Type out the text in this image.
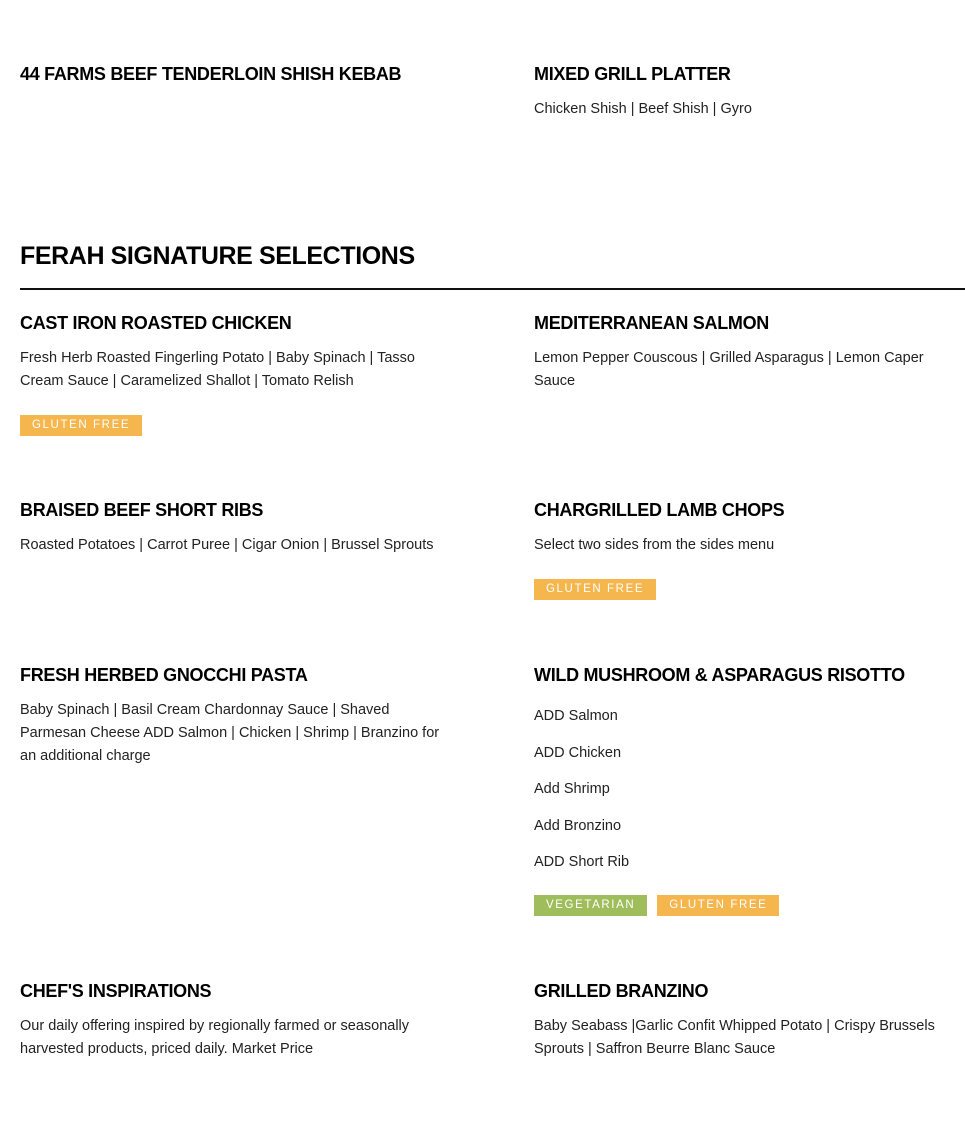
44 FARMS BEEF TENDERLOIN SHISH KEBAB	MIXED GRILL PLATTER

Chicken Shish | Beef Shish | Gyro

FERAH SIGNATURE SELECTIONS
CAST IRON ROASTED CHICKEN

Fresh Herb Roasted Fingerling Potato | Baby Spinach | Tasso Cream Sauce | Caramelized Shallot | Tomato Relish

GLUTEN FREE
MEDITERRANEAN SALMON

Lemon Pepper Couscous | Grilled Asparagus | Lemon Caper Sauce

BRAISED BEEF SHORT RIBS

Roasted Potatoes | Carrot Puree | Cigar Onion | Brussel Sprouts

CHARGRILLED LAMB CHOPS

Select two sides from the sides menu

GLUTEN FREE
FRESH HERBED GNOCCHI PASTA

Baby Spinach | Basil Cream Chardonnay Sauce | Shaved Parmesan Cheese ADD Salmon | Chicken | Shrimp | Branzino for an additional charge

WILD MUSHROOM & ASPARAGUS RISOTTO

ADD Salmon

ADD Chicken

Add Shrimp

Add Bronzino

ADD Short Rib

VEGETARIAN	GLUTEN FREE
CHEF'S INSPIRATIONS

Our daily offering inspired by regionally farmed or seasonally harvested products, priced daily. Market Price

GRILLED BRANZINO

Baby Seabass |Garlic Confit Whipped Potato | Crispy Brussels Sprouts | Saffron Beurre Blanc Sauce
